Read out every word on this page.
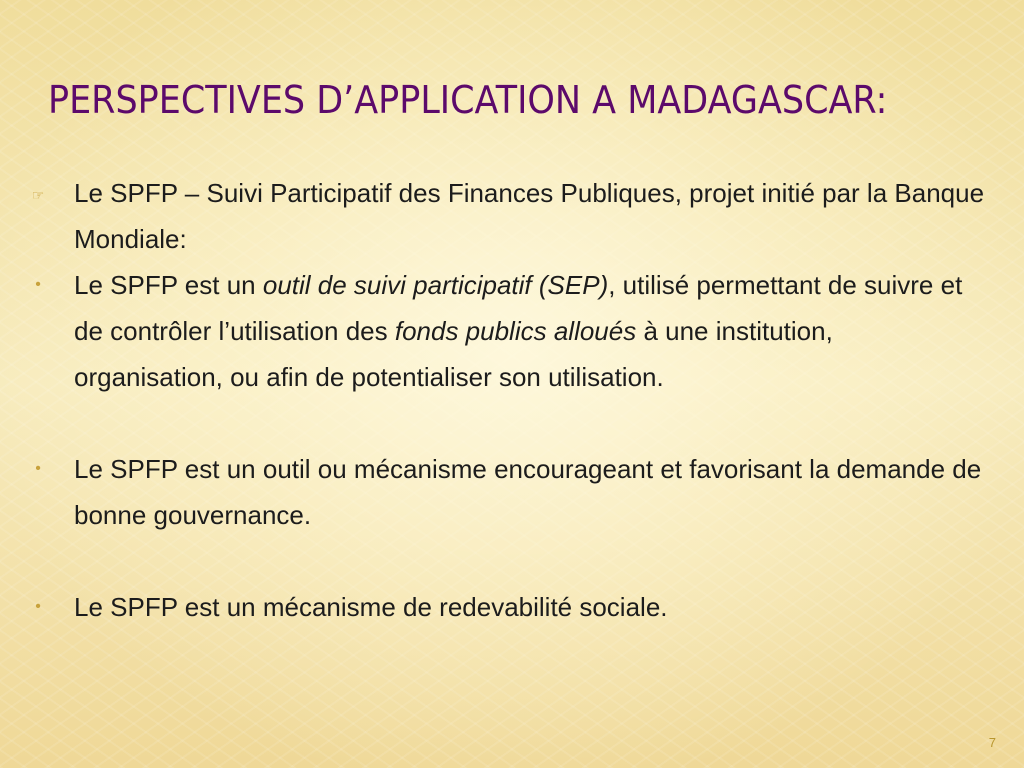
PERSPECTIVES D’APPLICATION A MADAGASCAR:
☞ Le SPFP – Suivi Participatif des Finances Publiques, projet initié par la Banque Mondiale:
• Le SPFP est un outil de suivi participatif (SEP), utilisé permettant de suivre et de contrôler l’utilisation des fonds publics alloués à une institution, organisation, ou afin de potentialiser son utilisation.
• Le SPFP est un outil ou mécanisme encourageant et favorisant la demande de bonne gouvernance.
• Le SPFP est un mécanisme de redevabilité sociale.
7
